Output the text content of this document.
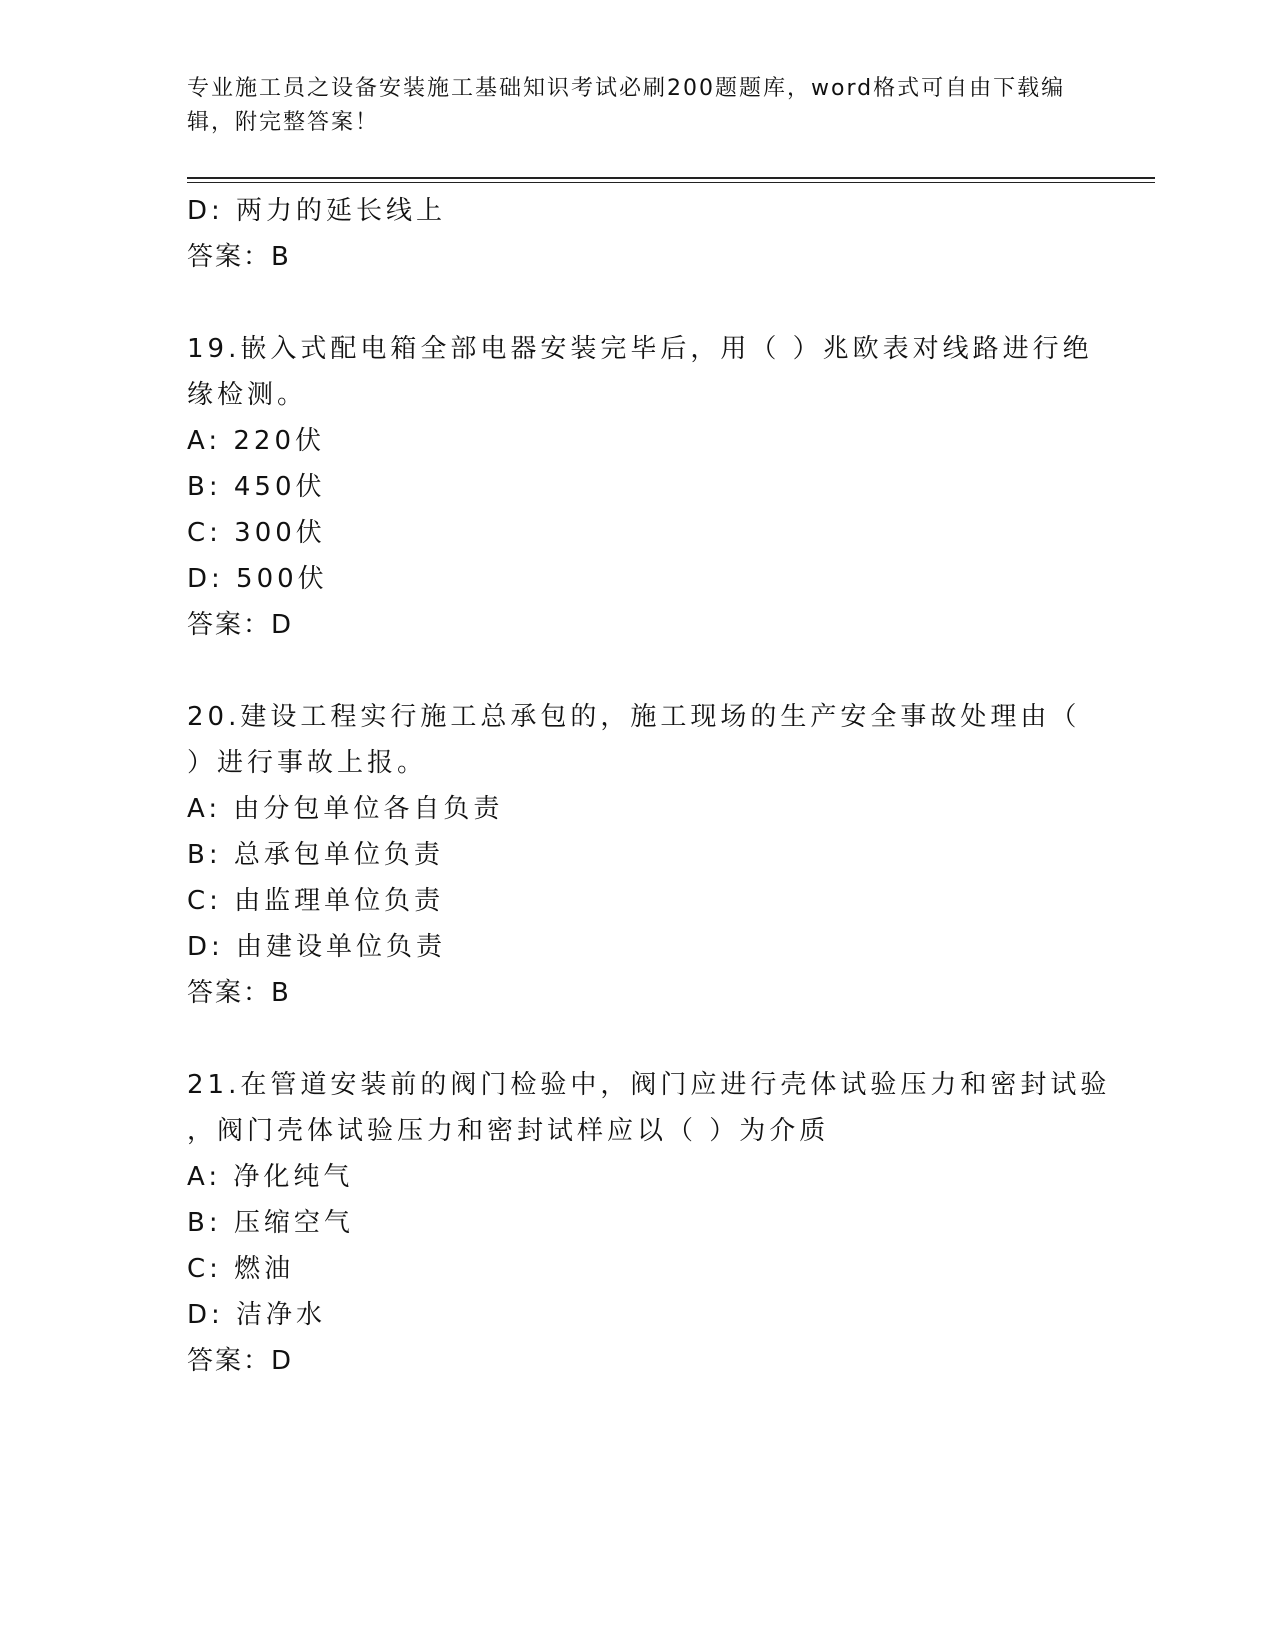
专业施工员之设备安装施工基础知识考试必刷200题题库，word格式可自由下载编辑，附完整答案！
D: 两力的延长线上
答案：B
19.嵌入式配电箱全部电器安装完毕后，用（ ）兆欧表对线路进行绝
缘检测。
A: 220伏
B: 450伏
C: 300伏
D: 500伏
答案：D
20.建设工程实行施工总承包的，施工现场的生产安全事故处理由（
）进行事故上报。
A: 由分包单位各自负责
B: 总承包单位负责
C: 由监理单位负责
D: 由建设单位负责
答案：B
21.在管道安装前的阀门检验中，阀门应进行壳体试验压力和密封试验
，阀门壳体试验压力和密封试样应以（ ）为介质
A: 净化纯气
B: 压缩空气
C: 燃油
D: 洁净水
答案：D
